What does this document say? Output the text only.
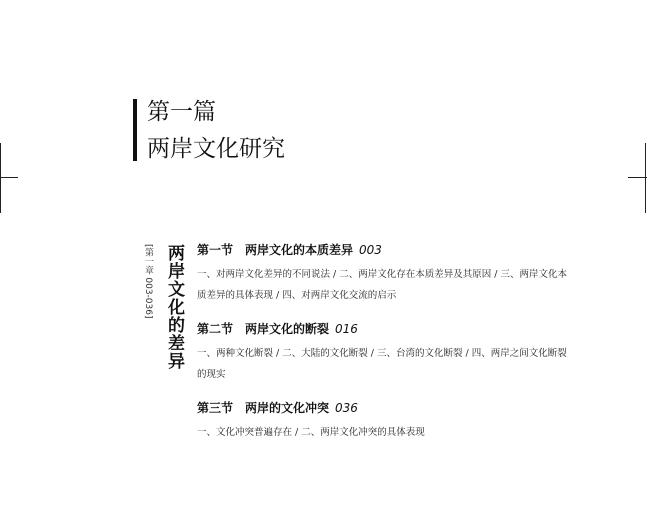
第一篇
两岸文化研究
两岸文化的差异
[第一章 003-036]	第一节　两岸文化的本质差异 003
一、对两岸文化差异的不同说法 / 二、两岸文化存在本质差异及其原因 / 三、两岸文化本质差异的具体表现 / 四、对两岸文化交流的启示
第二节　两岸文化的断裂 016
一、两种文化断裂 / 二、大陆的文化断裂 / 三、台湾的文化断裂 / 四、两岸之间文化断裂的现实
第三节　两岸的文化冲突 036
一、文化冲突普遍存在 / 二、两岸文化冲突的具体表现
